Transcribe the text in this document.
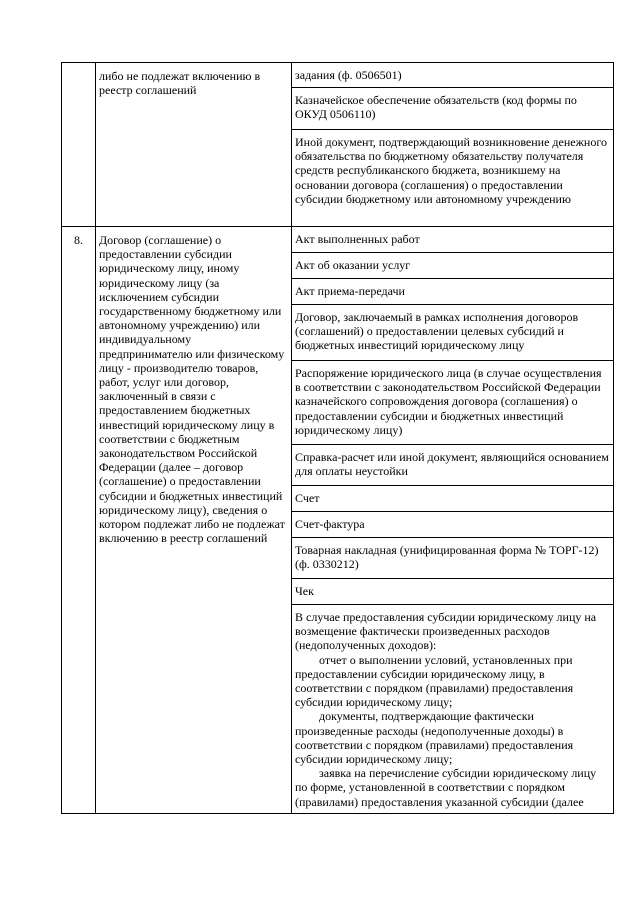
	либо не подлежат включению в реестр соглашений	задания (ф. 0506501)
		Казначейское обеспечение обязательств (код формы по ОКУД 0506110)
		Иной документ, подтверждающий возникновение денежного обязательства по бюджетному обязательству получателя средств республиканского бюджета, возникшему на основании договора (соглашения) о предоставлении субсидии бюджетному или автономному учреждению
8.	Договор (соглашение) о предоставлении субсидии юридическому лицу, иному юридическому лицу (за исключением субсидии государственному бюджетному или автономному учреждению) или индивидуальному предпринимателю или физическому лицу - производителю товаров, работ, услуг или договор, заключенный в связи с предоставлением бюджетных инвестиций юридическому лицу в соответствии с бюджетным законодательством Российской Федерации (далее – договор (соглашение) о предоставлении субсидии и бюджетных инвестиций юридическому лицу), сведения о котором подлежат либо не подлежат включению в реестр соглашений	Акт выполненных работ
		Акт об оказании услуг
		Акт приема-передачи
		Договор, заключаемый в рамках исполнения договоров (соглашений) о предоставлении целевых субсидий и бюджетных инвестиций юридическому лицу
		Распоряжение юридического лица (в случае осуществления в соответствии с законодательством Российской Федерации казначейского сопровождения договора (соглашения) о предоставлении субсидии и бюджетных инвестиций юридическому лицу)
		Справка-расчет или иной документ, являющийся основанием для оплаты неустойки
		Счет
		Счет-фактура
		Товарная накладная (унифицированная форма № ТОРГ-12) (ф. 0330212)
		Чек

		В случае предоставления субсидии юридическому лицу на возмещение фактически произведенных расходов (недополученных доходов):

отчет о выполнении условий, установленных при предоставлении субсидии юридическому лицу, в соответствии с порядком (правилами) предоставления субсидии юридическому лицу;

документы, подтверждающие фактически произведенные расходы (недополученные доходы) в соответствии с порядком (правилами) предоставления субсидии юридическому лицу;

заявка на перечисление субсидии юридическому лицу по форме, установленной в соответствии с порядком (правилами) предоставления указанной субсидии (далее
